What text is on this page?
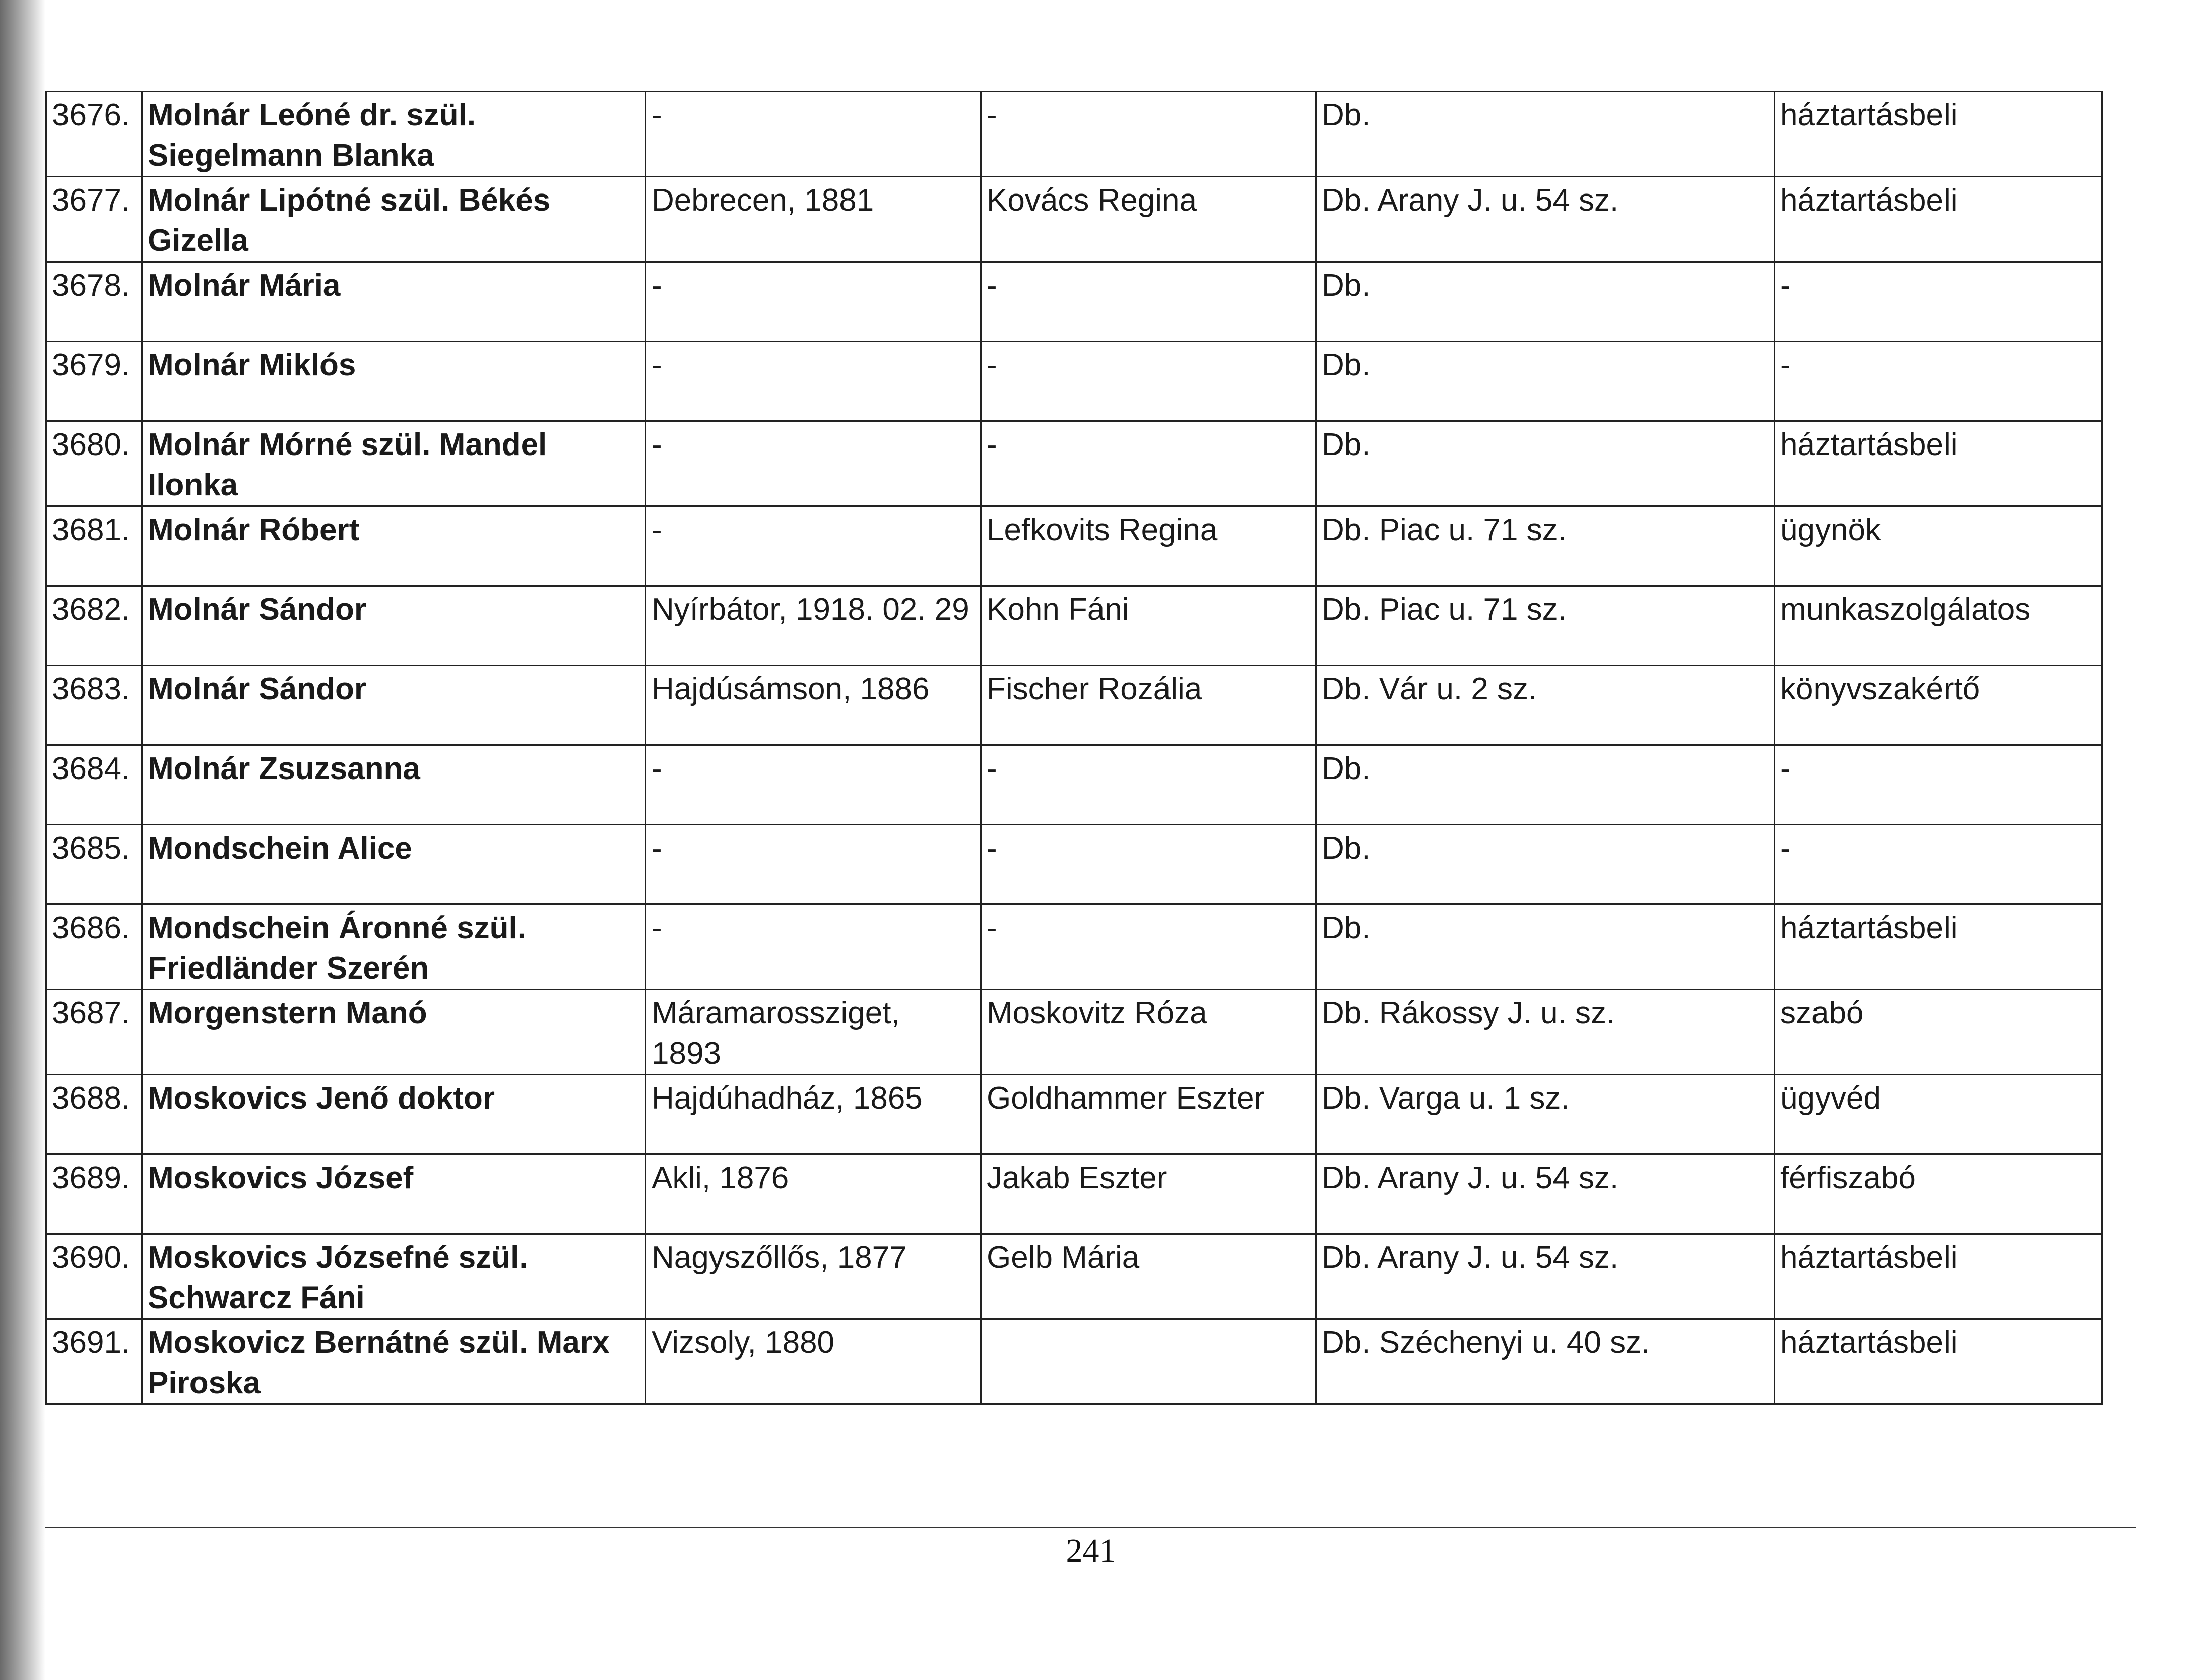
3676.	Molnár Leóné dr. szül. Siegelmann Blanka	-	-	Db.	háztartásbeli
3677.	Molnár Lipótné szül. Békés Gizella	Debrecen, 1881	Kovács Regina	Db. Arany J. u. 54 sz.	háztartásbeli
3678.	Molnár Mária	-	-	Db.	-
3679.	Molnár Miklós	-	-	Db.	-
3680.	Molnár Mórné szül. Mandel Ilonka	-	-	Db.	háztartásbeli
3681.	Molnár Róbert	-	Lefkovits Regina	Db. Piac u. 71 sz.	ügynök
3682.	Molnár Sándor	Nyírbátor, 1918. 02. 29	Kohn Fáni	Db. Piac u. 71 sz.	munkaszolgálatos
3683.	Molnár Sándor	Hajdúsámson, 1886	Fischer Rozália	Db. Vár u. 2 sz.	könyvszakértő
3684.	Molnár Zsuzsanna	-	-	Db.	-
3685.	Mondschein Alice	-	-	Db.	-
3686.	Mondschein Áronné szül. Friedländer Szerén	-	-	Db.	háztartásbeli
3687.	Morgenstern Manó	Máramarossziget, 1893	Moskovitz Róza	Db. Rákossy J. u. sz.	szabó
3688.	Moskovics Jenő doktor	Hajdúhadház, 1865	Goldhammer Eszter	Db. Varga u. 1 sz.	ügyvéd
3689.	Moskovics József	Akli, 1876	Jakab Eszter	Db. Arany J. u. 54 sz.	férfiszabó
3690.	Moskovics Józsefné szül. Schwarcz Fáni	Nagyszőllős, 1877	Gelb Mária	Db. Arany J. u. 54 sz.	háztartásbeli
3691.	Moskovicz Bernátné szül. Marx Piroska	Vizsoly, 1880		Db. Széchenyi u. 40 sz.	háztartásbeli
241
